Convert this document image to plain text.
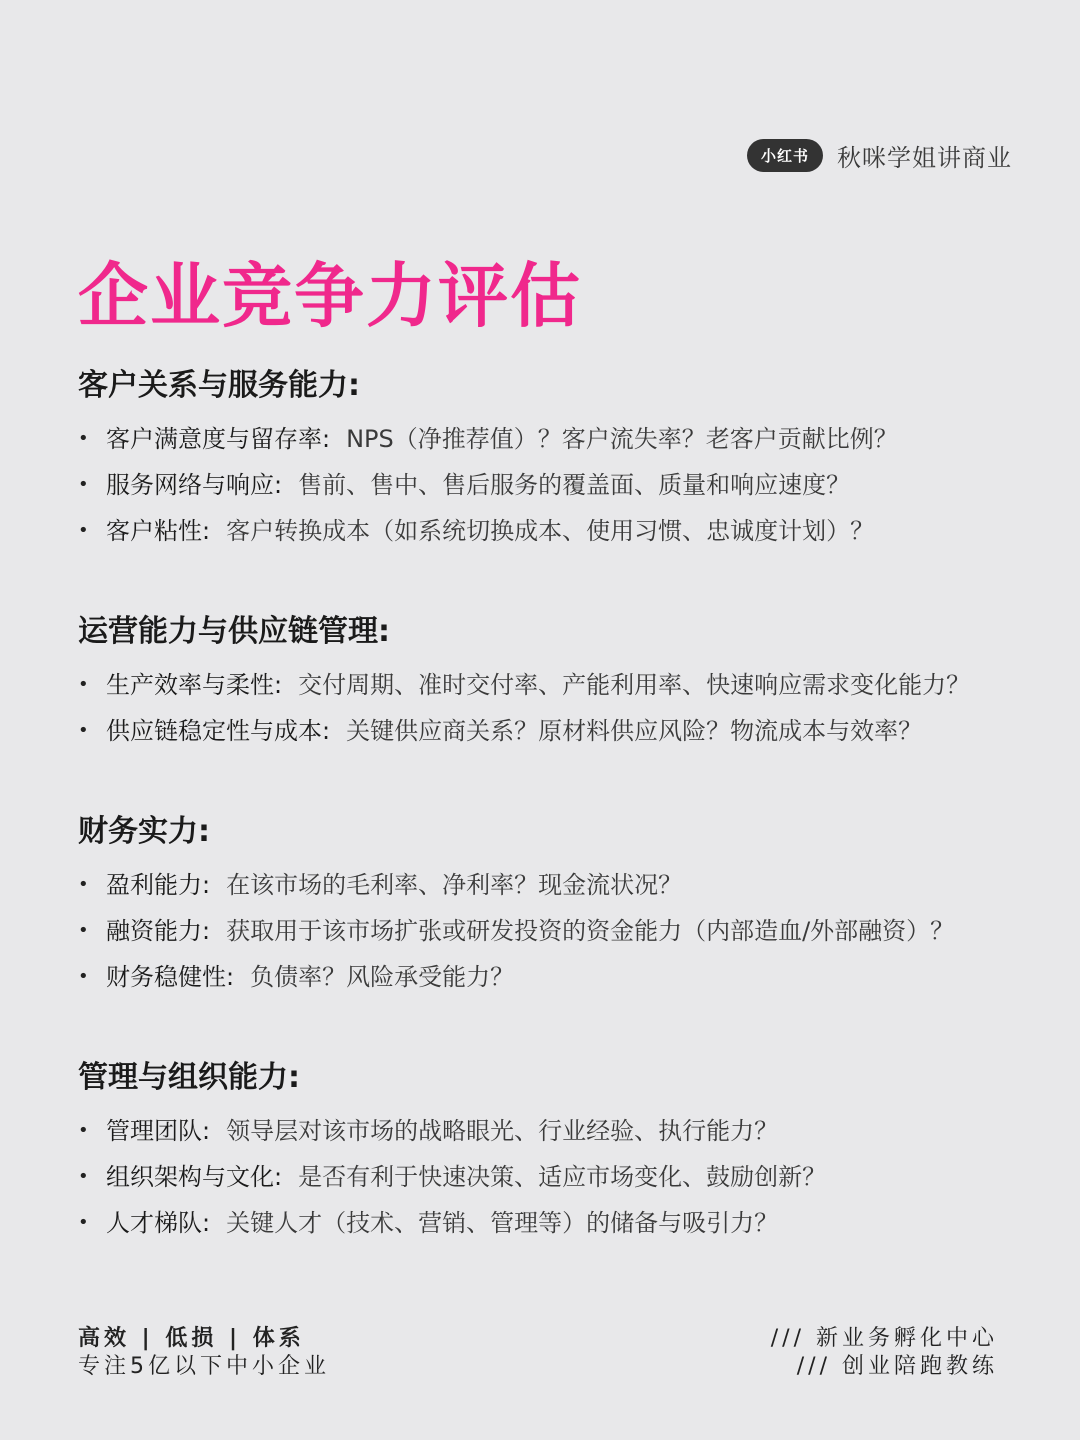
小红书	秋咪学姐讲商业
企业竞争力评估
客户关系与服务能力:
• 客户满意度与留存率: NPS（净推荐值）？客户流失率？老客户贡献比例？
• 服务网络与响应: 售前、售中、售后服务的覆盖面、质量和响应速度？
• 客户粘性: 客户转换成本（如系统切换成本、使用习惯、忠诚度计划）？
运营能力与供应链管理:
• 生产效率与柔性: 交付周期、准时交付率、产能利用率、快速响应需求变化能力？
• 供应链稳定性与成本: 关键供应商关系？原材料供应风险？物流成本与效率？
财务实力:
• 盈利能力: 在该市场的毛利率、净利率？现金流状况？
• 融资能力: 获取用于该市场扩张或研发投资的资金能力（内部造血/外部融资）？
• 财务稳健性: 负债率？风险承受能力？
管理与组织能力:
• 管理团队: 领导层对该市场的战略眼光、行业经验、执行能力？
• 组织架构与文化: 是否有利于快速决策、适应市场变化、鼓励创新？
• 人才梯队: 关键人才（技术、营销、管理等）的储备与吸引力？
高效 | 低损 | 体系
专注5亿以下中小企业
/// 新业务孵化中心
/// 创业陪跑教练
